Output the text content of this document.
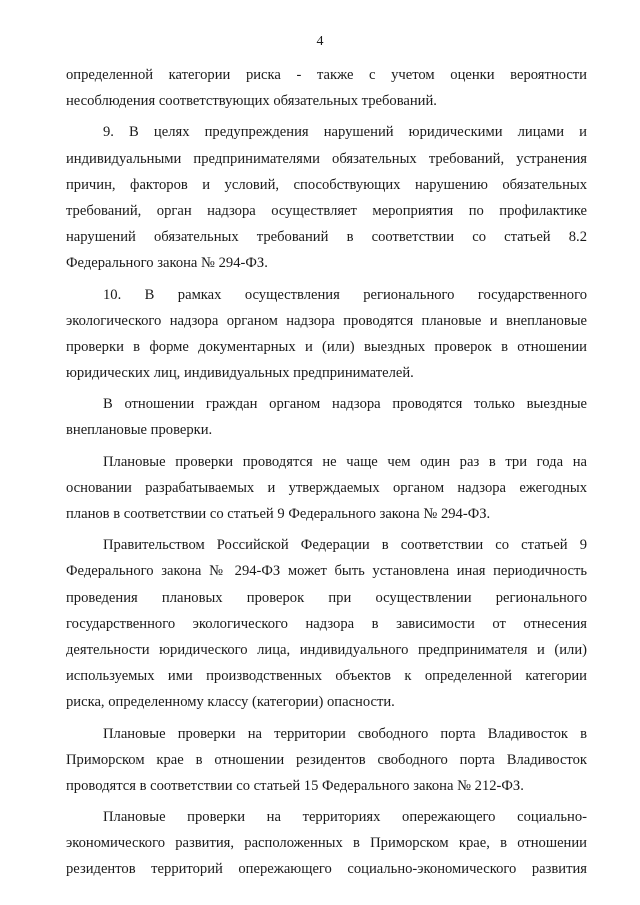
4
определенной категории риска - также с учетом оценки вероятности
несоблюдения соответствующих обязательных требований.
9. В целях предупреждения нарушений юридическими лицами и
индивидуальными предпринимателями обязательных требований, устранения
причин, факторов и условий, способствующих нарушению обязательных
требований, орган надзора осуществляет мероприятия по профилактике
нарушений обязательных требований в соответствии со статьей 8.2
Федерального закона № 294-ФЗ.
10. В рамках осуществления регионального государственного
экологического надзора органом надзора проводятся плановые и внеплановые
проверки в форме документарных и (или) выездных проверок в отношении
юридических лиц, индивидуальных предпринимателей.
В отношении граждан органом надзора проводятся только выездные
внеплановые проверки.
Плановые проверки проводятся не чаще чем один раз в три года на
основании разрабатываемых и утверждаемых органом надзора ежегодных
планов в соответствии со статьей 9 Федерального закона № 294-ФЗ.
Правительством Российской Федерации в соответствии со статьей 9
Федерального закона № 294-ФЗ может быть установлена иная периодичность
проведения плановых проверок при осуществлении регионального
государственного экологического надзора в зависимости от отнесения
деятельности юридического лица, индивидуального предпринимателя и (или)
используемых ими производственных объектов к определенной категории
риска, определенному классу (категории) опасности.
Плановые проверки на территории свободного порта Владивосток в
Приморском крае в отношении резидентов свободного порта Владивосток
проводятся в соответствии со статьей 15 Федерального закона № 212-ФЗ.
Плановые проверки на территориях опережающего социально-
экономического развития, расположенных в Приморском крае, в отношении
резидентов территорий опережающего социально-экономического развития
